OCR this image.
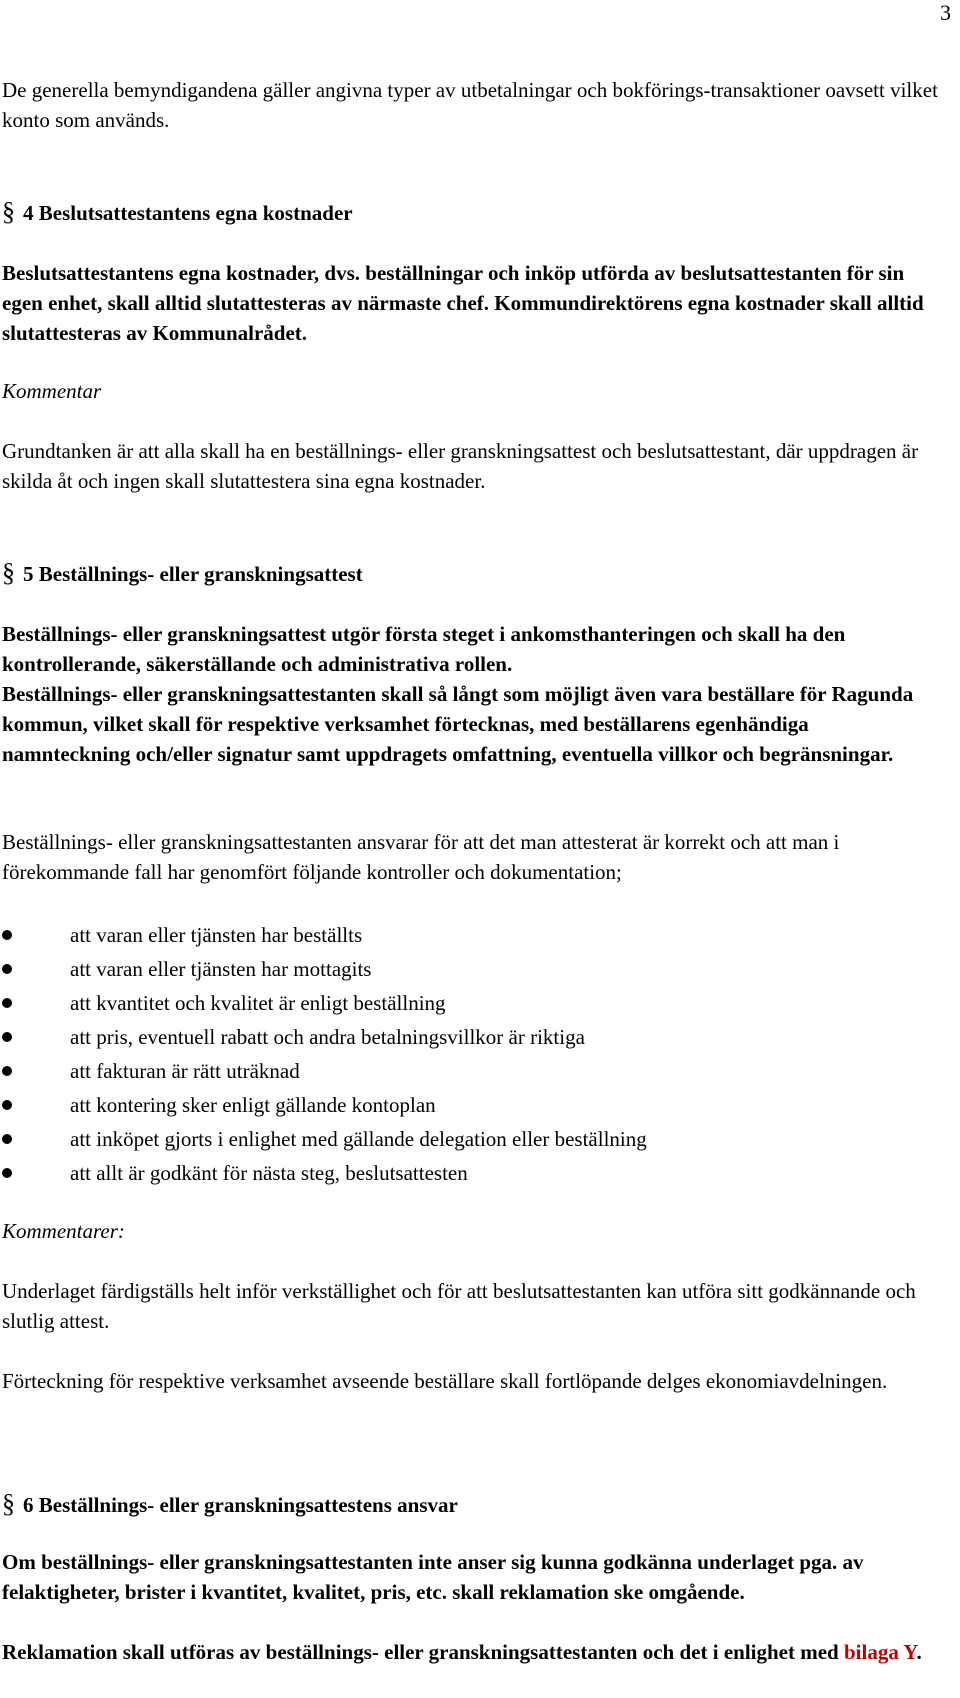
3

De generella bemyndigandena gäller angivna typer av utbetalningar och bokförings-transaktioner oavsett vilket konto som används.

§ 4 Beslutsattestantens egna kostnader

Beslutsattestantens egna kostnader, dvs. beställningar och inköp utförda av beslutsattestanten för sin egen enhet, skall alltid slutattesteras av närmaste chef. Kommundirektörens egna kostnader skall alltid slutattesteras av Kommunalrådet.

Kommentar

Grundtanken är att alla skall ha en beställnings- eller granskningsattest och beslutsattestant, där uppdragen är skilda åt och ingen skall slutattestera sina egna kostnader.

§ 5 Beställnings- eller granskningsattest

Beställnings- eller granskningsattest utgör första steget i ankomsthanteringen och skall ha den kontrollerande, säkerställande och administrativa rollen.

Beställnings- eller granskningsattestanten skall så långt som möjligt även vara beställare för Ragunda kommun, vilket skall för respektive verksamhet förtecknas, med beställarens egenhändiga namnteckning och/eller signatur samt uppdragets omfattning, eventuella villkor och begränsningar.

Beställnings- eller granskningsattestanten ansvarar för att det man attesterat är korrekt och att man i förekommande fall har genomfört följande kontroller och dokumentation;

att varan eller tjänsten har beställts
att varan eller tjänsten har mottagits
att kvantitet och kvalitet är enligt beställning
att pris, eventuell rabatt och andra betalningsvillkor är riktiga
att fakturan är rätt uträknad
att kontering sker enligt gällande kontoplan
att inköpet gjorts i enlighet med gällande delegation eller beställning
att allt är godkänt för nästa steg, beslutsattesten

Kommentarer:

Underlaget färdigställs helt inför verkställighet och för att beslutsattestanten kan utföra sitt godkännande och slutlig attest.

Förteckning för respektive verksamhet avseende beställare skall fortlöpande delges ekonomiavdelningen.

§ 6 Beställnings- eller granskningsattestens ansvar

Om beställnings- eller granskningsattestanten inte anser sig kunna godkänna underlaget pga. av felaktigheter, brister i kvantitet, kvalitet, pris, etc. skall reklamation ske omgående.

Reklamation skall utföras av beställnings- eller granskningsattestanten och det i enlighet med bilaga Y.
